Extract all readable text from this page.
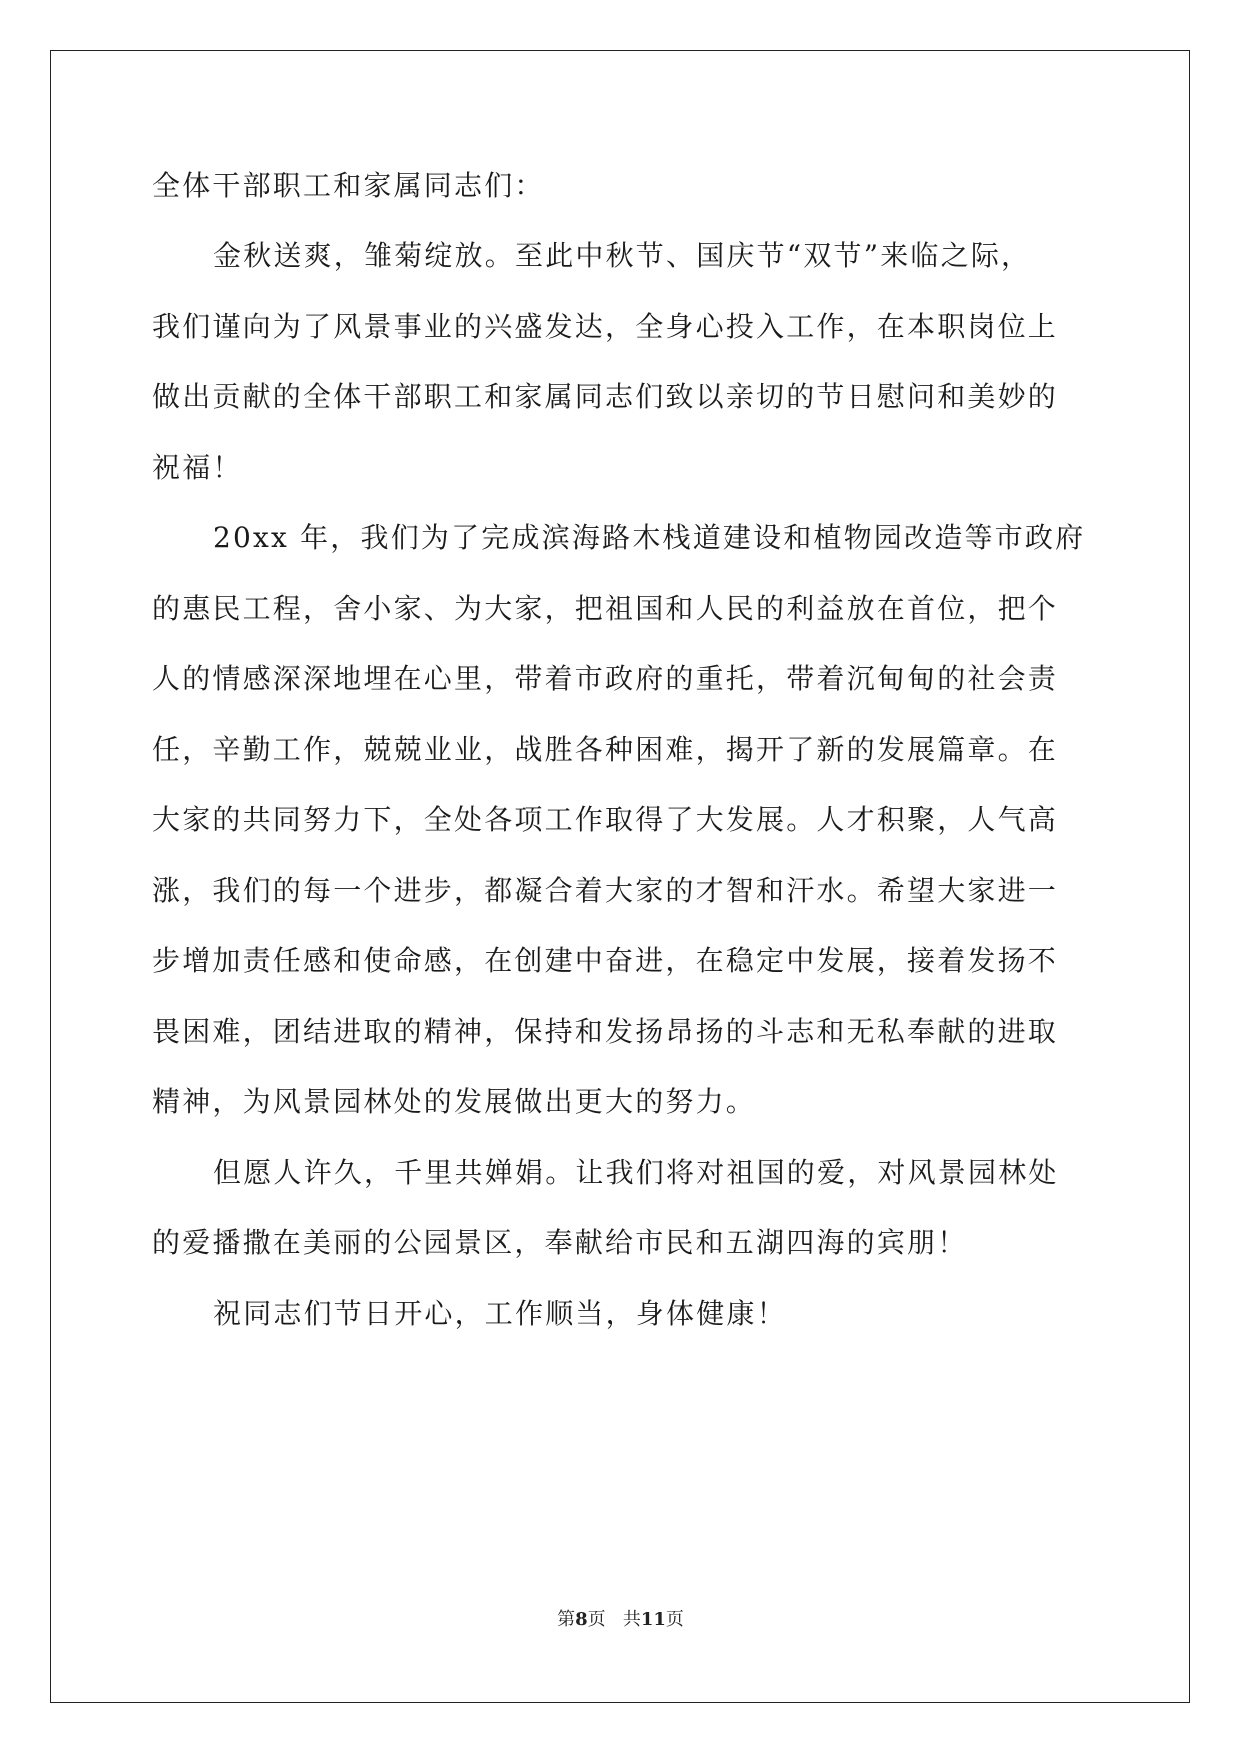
全体干部职工和家属同志们：
金秋送爽，雏菊绽放。至此中秋节、国庆节“双节”来临之际，
我们谨向为了风景事业的兴盛发达，全身心投入工作，在本职岗位上
做出贡献的全体干部职工和家属同志们致以亲切的节日慰问和美妙的
祝福！
20xx 年，我们为了完成滨海路木栈道建设和植物园改造等市政府
的惠民工程，舍小家、为大家，把祖国和人民的利益放在首位，把个
人的情感深深地埋在心里，带着市政府的重托，带着沉甸甸的社会责
任，辛勤工作，兢兢业业，战胜各种困难，揭开了新的发展篇章。在
大家的共同努力下，全处各项工作取得了大发展。人才积聚，人气高
涨，我们的每一个进步，都凝合着大家的才智和汗水。希望大家进一
步增加责任感和使命感，在创建中奋进，在稳定中发展，接着发扬不
畏困难，团结进取的精神，保持和发扬昂扬的斗志和无私奉献的进取
精神，为风景园林处的发展做出更大的努力。
但愿人许久，千里共婵娟。让我们将对祖国的爱，对风景园林处
的爱播撒在美丽的公园景区，奉献给市民和五湖四海的宾朋！
祝同志们节日开心，工作顺当，身体健康！
第8页 共11页
